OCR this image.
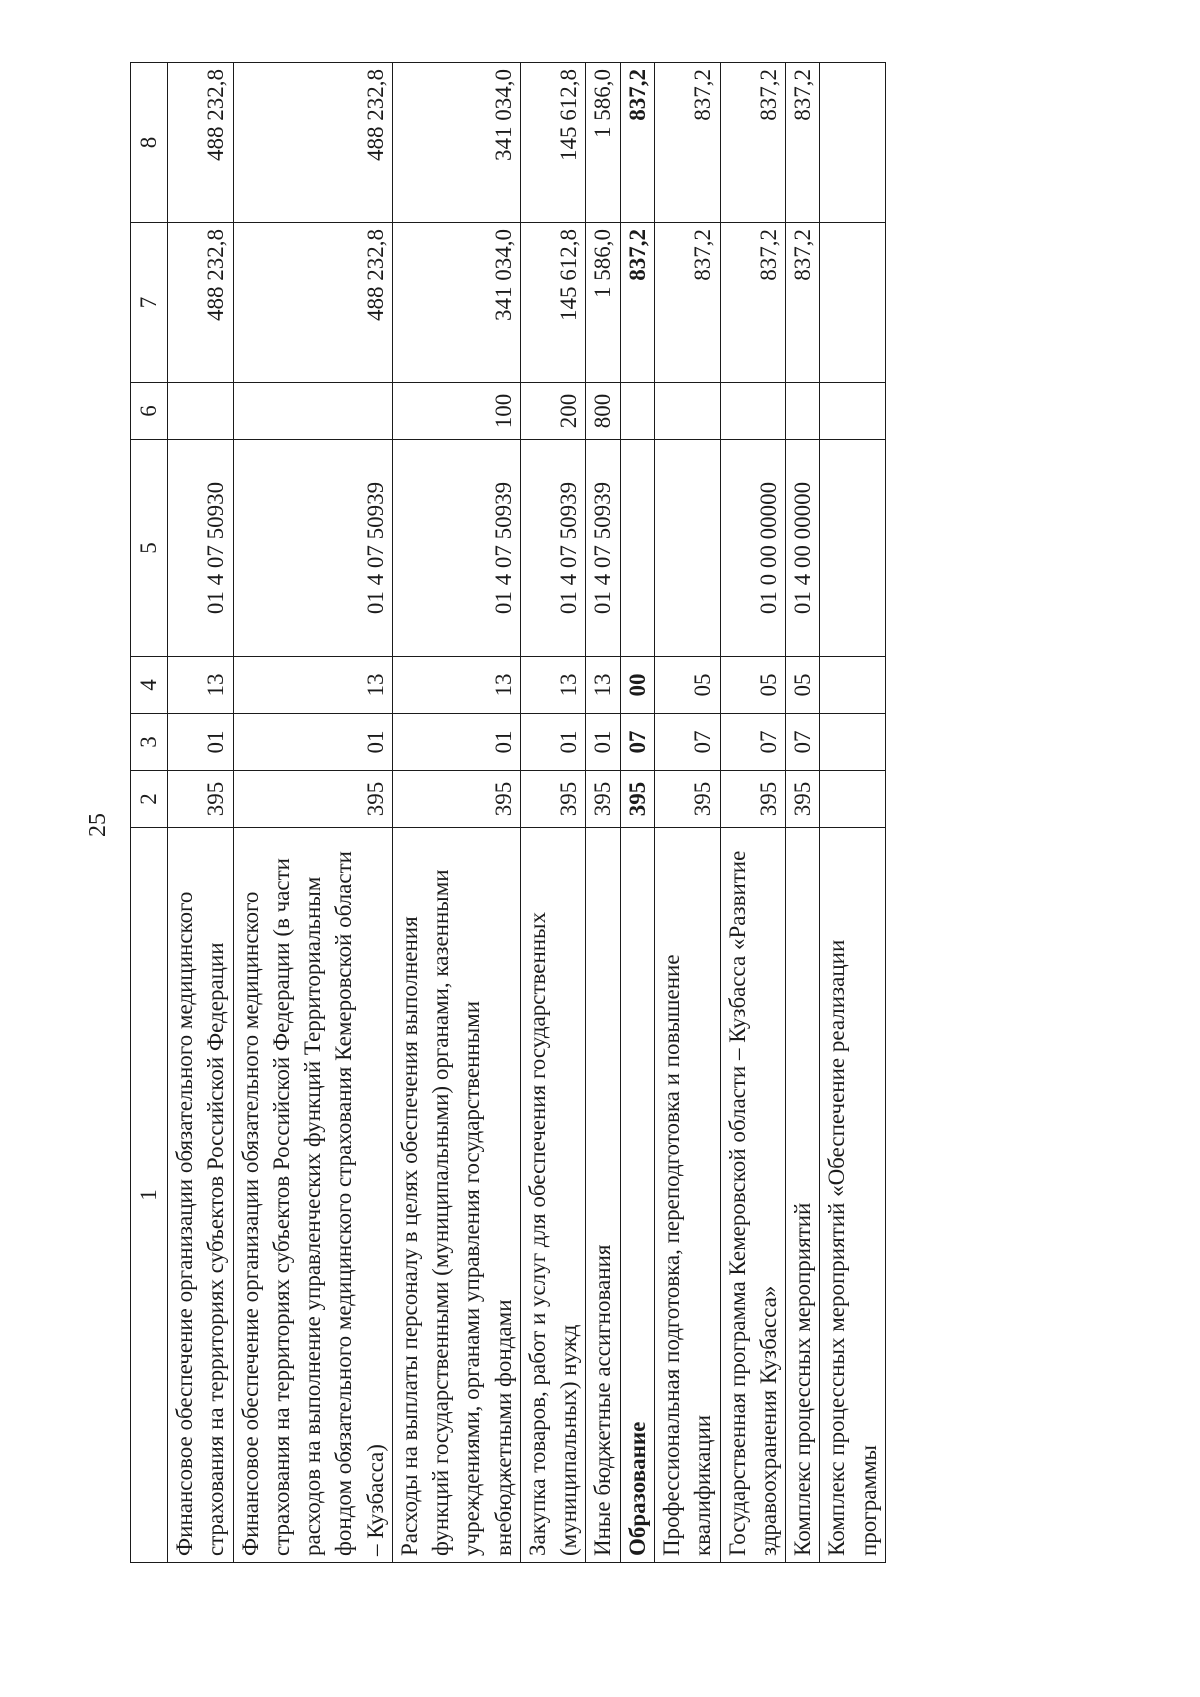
25
1	2	3	4	5	6	7	8
Финансовое обеспечение организации обязательного медицинского страхования на территориях субъектов Российской Федерации	395	01	13	01 4 07 50930		488 232,8	488 232,8
Финансовое обеспечение организации обязательного медицинского страхования на территориях субъектов Российской Федерации (в части расходов на выполнение управленческих функций Территориальным фондом обязательного медицинского страхования Кемеровской области – Кузбасса)	395	01	13	01 4 07 50939		488 232,8	488 232,8
Расходы на выплаты персоналу в целях обеспечения выполнения функций государственными (муниципальными) органами, казенными учреждениями, органами управления государственными внебюджетными фондами	395	01	13	01 4 07 50939	100	341 034,0	341 034,0
Закупка товаров, работ и услуг для обеспечения государственных (муниципальных) нужд	395	01	13	01 4 07 50939	200	145 612,8	145 612,8
Иные бюджетные ассигнования	395	01	13	01 4 07 50939	800	1 586,0	1 586,0
Образование	395	07	00			837,2	837,2
Профессиональная подготовка, переподготовка и повышение квалификации	395	07	05			837,2	837,2
Государственная программа Кемеровской области – Кузбасса «Развитие здравоохранения Кузбасса»	395	07	05	01 0 00 00000		837,2	837,2
Комплекс процессных мероприятий	395	07	05	01 4 00 00000		837,2	837,2
Комплекс процессных мероприятий «Обеспечение реализации программы							
